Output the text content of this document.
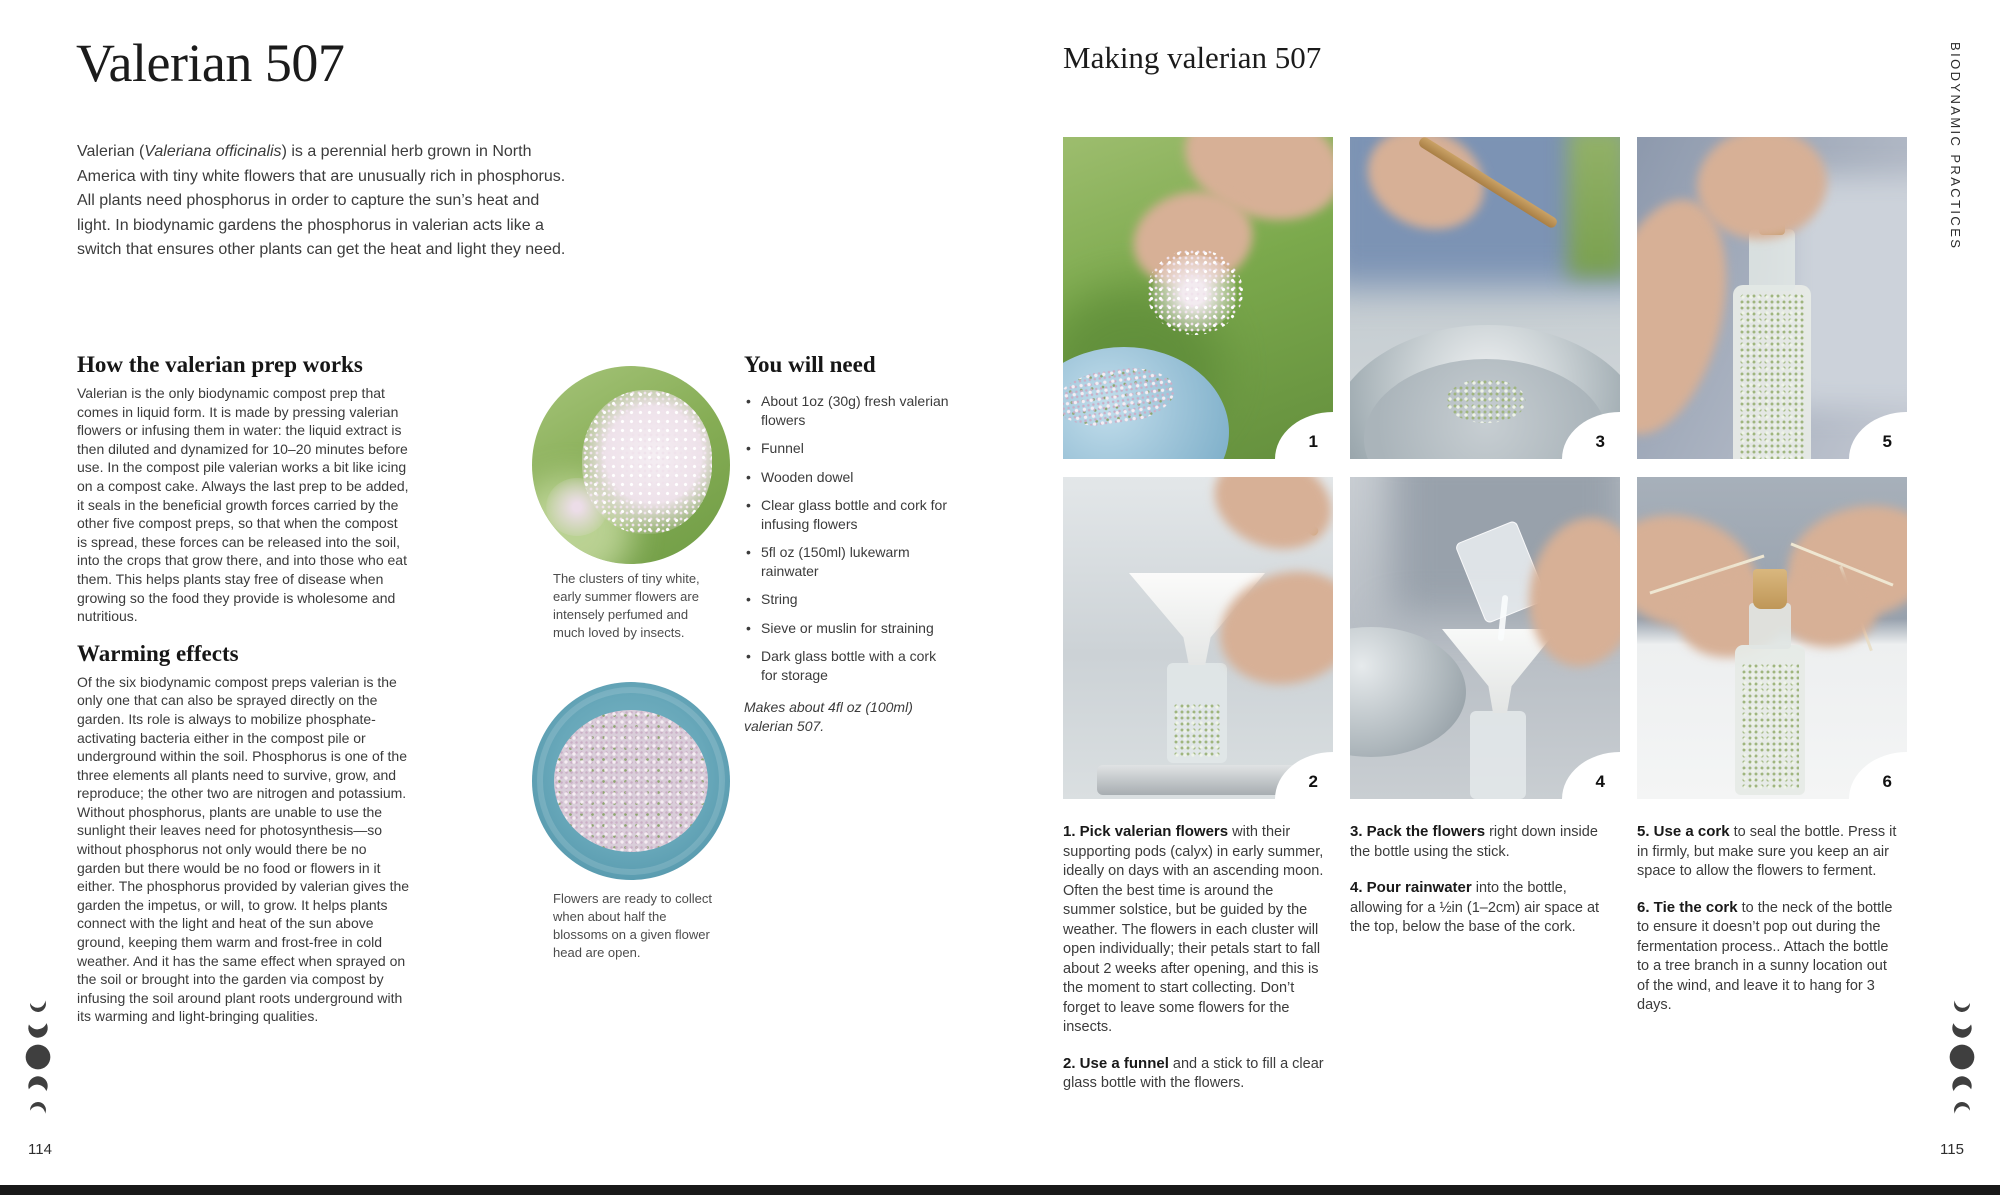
Valerian 507

Valerian (Valeriana officinalis) is a perennial herb grown in North America with tiny white flowers that are unusually rich in phosphorus. All plants need phosphorus in order to capture the sun’s heat and light. In biodynamic gardens the phosphorus in valerian acts like a switch that ensures other plants can get the heat and light they need.

How the valerian prep works

Valerian is the only biodynamic compost prep that comes in liquid form. It is made by pressing valerian flowers or infusing them in water: the liquid extract is then diluted and dynamized for 10–20 minutes before use. In the compost pile valerian works a bit like icing on a compost cake. Always the last prep to be added, it seals in the beneficial growth forces carried by the other five compost preps, so that when the compost is spread, these forces can be released into the soil, into the crops that grow there, and into those who eat them. This helps plants stay free of disease when growing so the food they provide is wholesome and nutritious.

Warming effects

Of the six biodynamic compost preps valerian is the only one that can also be sprayed directly on the garden. Its role is always to mobilize phosphate-activating bacteria either in the compost pile or underground within the soil. Phosphorus is one of the three elements all plants need to survive, grow, and reproduce; the other two are nitrogen and potassium. Without phosphorus, plants are unable to use the sunlight their leaves need for photosynthesis—so without phosphorus not only would there be no garden but there would be no food or flowers in it either. The phosphorus provided by valerian gives the garden the impetus, or will, to grow. It helps plants connect with the light and heat of the sun above ground, keeping them warm and frost-free in cold weather. And it has the same effect when sprayed on the soil or brought into the garden via compost by infusing the soil around plant roots underground with its warming and light-bringing qualities.

The clusters of tiny white, early summer flowers are intensely perfumed and much loved by insects.
Flowers are ready to collect when about half the blossoms on a given flower head are open.
You will need
• About 1oz (30g) fresh valerian flowers
• Funnel
• Wooden dowel
• Clear glass bottle and cork for infusing flowers
• 5fl oz (150ml) lukewarm rainwater
• String
• Sieve or muslin for straining
• Dark glass bottle with a cork for storage

Makes about 4fl oz (100ml) valerian 507.

114
Making valerian 507
1	3	5
2	4	6

1. Pick valerian flowers with their supporting pods (calyx) in early summer, ideally on days with an ascending moon. Often the best time is around the summer solstice, but be guided by the weather. The flowers in each cluster will open individually; their petals start to fall about 2 weeks after opening, and this is the moment to start collecting. Don’t forget to leave some flowers for the insects.

2. Use a funnel and a stick to fill a clear glass bottle with the flowers.

3. Pack the flowers right down inside the bottle using the stick.

4. Pour rainwater into the bottle, allowing for a ½in (1–2cm) air space at the top, below the base of the cork.

5. Use a cork to seal the bottle. Press it in firmly, but make sure you keep an air space to allow the flowers to ferment.

6. Tie the cork to the neck of the bottle to ensure it doesn’t pop out during the fermentation process.. Attach the bottle to a tree branch in a sunny location out of the wind, and leave it to hang for 3 days.

BIODYNAMIC PRACTICES
115
